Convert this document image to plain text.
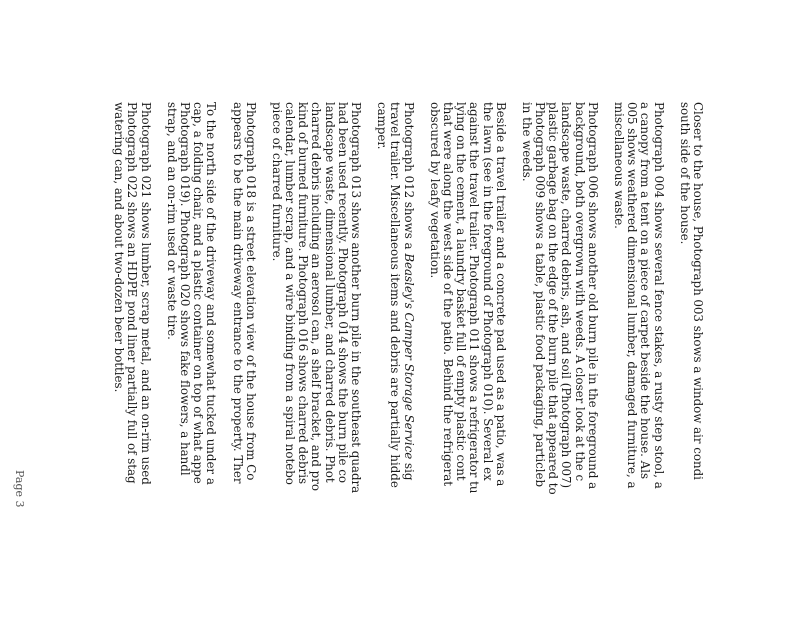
Closer to the house, Photograph 003 shows a window air condi
south side of the house.
Photograph 004 shows several fence stakes, a rusty step stool, a
a canopy from a tent on a piece of carpet beside the house. Als
005 shows weathered dimensional lumber, damaged furniture, a
miscellaneous waste.
Photograph 006 shows another old burn pile in the foreground a
background, both overgrown with weeds. A closer look at the c
landscape waste, charred debris, ash, and soil (Photograph 007)
plastic garbage bag on the edge of the burn pile that appeared to
Photograph 009 shows a table, plastic food packaging, particleb
in the weeds.
Beside a travel trailer and a concrete pad used as a patio, was a
the lawn (see in the foreground of Photograph 010). Several ex
against the travel trailer. Photograph 011 shows a refrigerator tu
lying on the cement, a laundry basket full of empty plastic cont
that were along the west side of the patio. Behind the refrigerat
obscured by leafy vegetation.
Photograph 012 shows a Beasley's Camper Storage Service sig
travel trailer. Miscellaneous items and debris are partially hidde
camper.
Photograph 013 shows another burn pile in the southeast quadra
had been used recently. Photograph 014 shows the burn pile co
landscape waste, dimensional lumber, and charred debris. Phot
charred debris including an aerosol can, a shelf bracket, and pro
kind of burned furniture. Photograph 016 shows charred debris
calendar, lumber scrap, and a wire binding from a spiral notebo
piece of charred furniture.
Photograph 018 is a street elevation view of the house from Co
appears to be the main driveway entrance to the property. Ther
To the north side of the driveway and somewhat tucked under a
cap, a folding chair, and a plastic container on top of what appe
Photograph 019). Photograph 020 shows fake flowers, a handl
strap, and an on-rim used or waste tire.
Photograph 021 shows lumber, scrap metal, and an on-rim used
Photograph 022 shows an HDPE pond liner partially full of stag
watering can, and about two-dozen beer bottles.
Page 3
